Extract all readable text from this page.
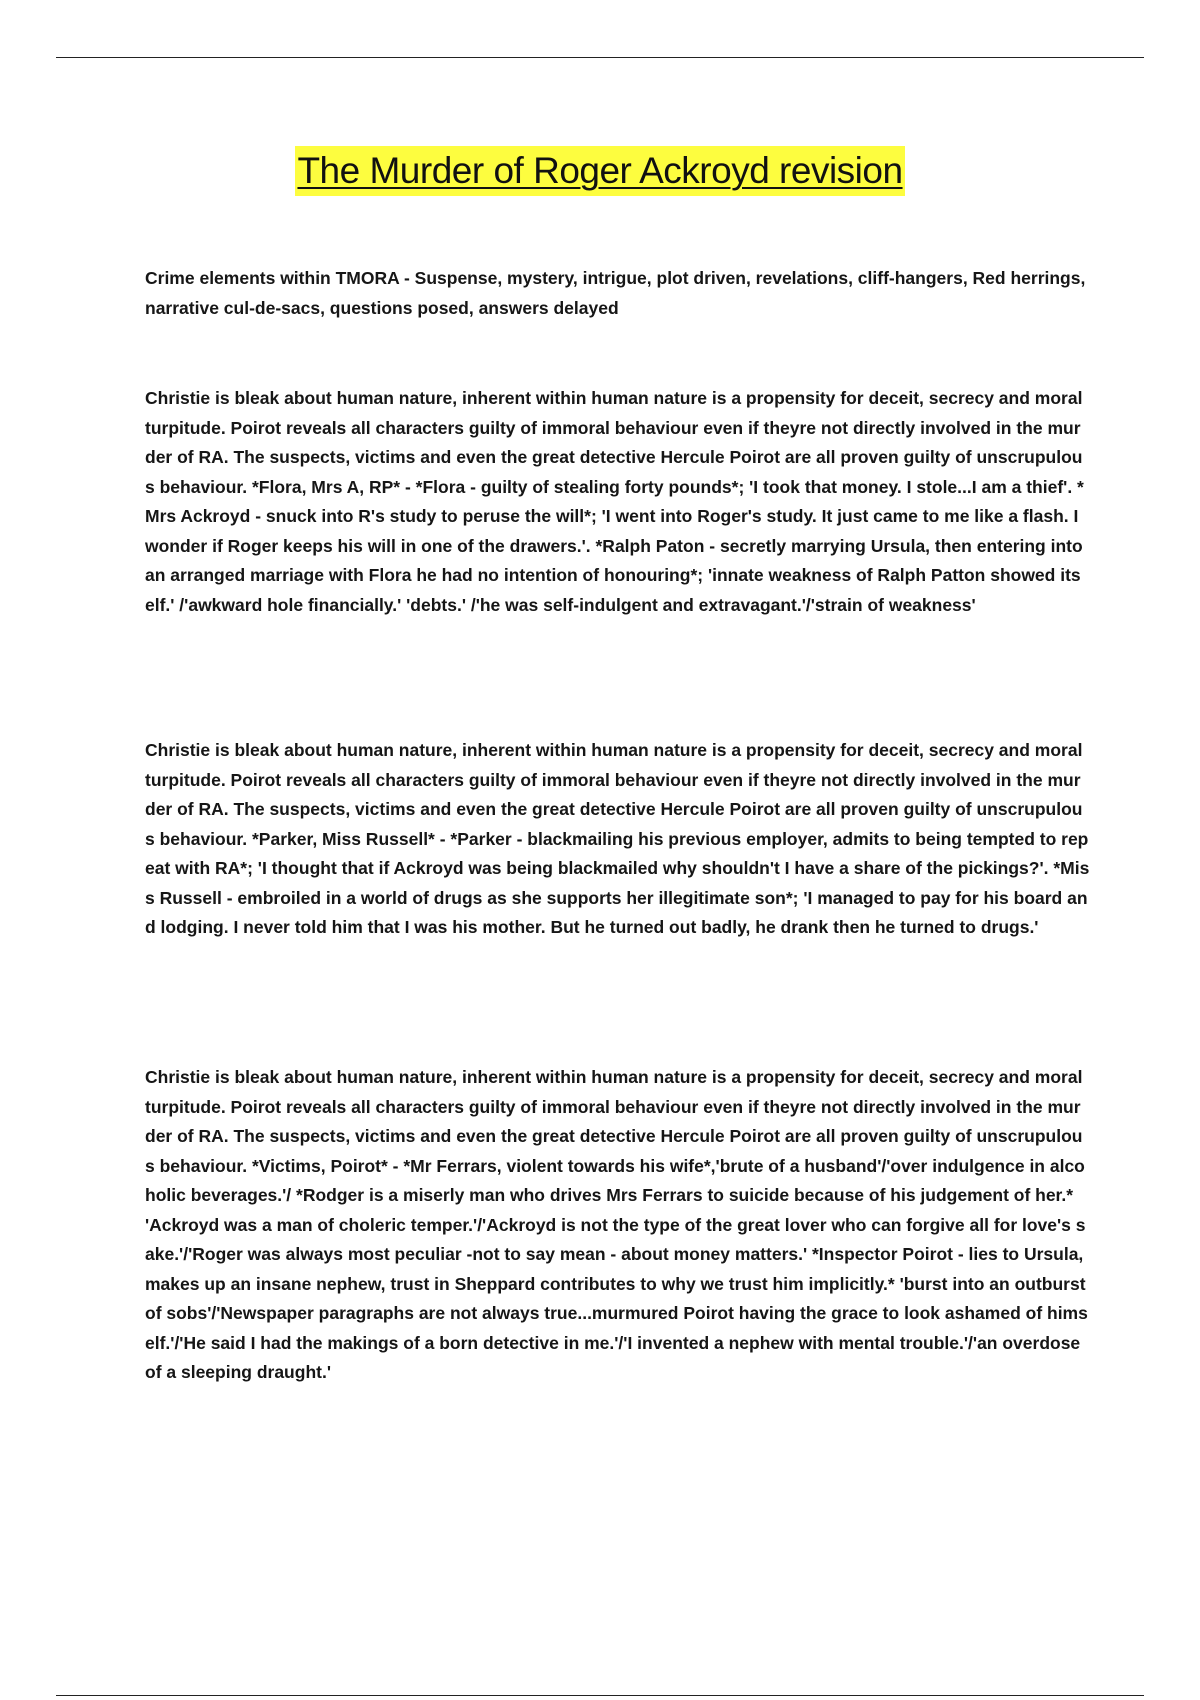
The Murder of Roger Ackroyd revision

Crime elements within TMORA - Suspense, mystery, intrigue, plot driven, revelations, cliff-hangers, Red herrings, narrative cul-de-sacs, questions posed, answers delayed

Christie is bleak about human nature, inherent within human nature is a propensity for deceit, secrecy and moral turpitude. Poirot reveals all characters guilty of immoral behaviour even if theyre not directly involved in the murder of RA. The suspects, victims and even the great detective Hercule Poirot are all proven guilty of unscrupulous behaviour. *Flora, Mrs A, RP* - *Flora - guilty of stealing forty pounds*; 'I took that money. I stole...I am a thief'. *Mrs Ackroyd - snuck into R's study to peruse the will*; 'I went into Roger's study. It just came to me like a flash. I wonder if Roger keeps his will in one of the drawers.'. *Ralph Paton - secretly marrying Ursula, then entering into an arranged marriage with Flora he had no intention of honouring*; 'innate weakness of Ralph Patton showed itself.' /'awkward hole financially.' 'debts.' /'he was self-indulgent and extravagant.'/'strain of weakness'

Christie is bleak about human nature, inherent within human nature is a propensity for deceit, secrecy and moral turpitude. Poirot reveals all characters guilty of immoral behaviour even if theyre not directly involved in the murder of RA. The suspects, victims and even the great detective Hercule Poirot are all proven guilty of unscrupulous behaviour. *Parker, Miss Russell* - *Parker - blackmailing his previous employer, admits to being tempted to repeat with RA*; 'I thought that if Ackroyd was being blackmailed why shouldn't I have a share of the pickings?'. *Miss Russell - embroiled in a world of drugs as she supports her illegitimate son*; 'I managed to pay for his board and lodging. I never told him that I was his mother. But he turned out badly, he drank then he turned to drugs.'

Christie is bleak about human nature, inherent within human nature is a propensity for deceit, secrecy and moral turpitude. Poirot reveals all characters guilty of immoral behaviour even if theyre not directly involved in the murder of RA. The suspects, victims and even the great detective Hercule Poirot are all proven guilty of unscrupulous behaviour. *Victims, Poirot* - *Mr Ferrars, violent towards his wife*,'brute of a husband'/'over indulgence in alcoholic beverages.'/ *Rodger is a miserly man who drives Mrs Ferrars to suicide because of his judgement of her.* 'Ackroyd was a man of choleric temper.'/'Ackroyd is not the type of the great lover who can forgive all for love's sake.'/'Roger was always most peculiar -not to say mean - about money matters.' *Inspector Poirot - lies to Ursula, makes up an insane nephew, trust in Sheppard contributes to why we trust him implicitly.* 'burst into an outburst of sobs'/'Newspaper paragraphs are not always true...murmured Poirot having the grace to look ashamed of himself.'/'He said I had the makings of a born detective in me.'/'I invented a nephew with mental trouble.'/'an overdose of a sleeping draught.'
